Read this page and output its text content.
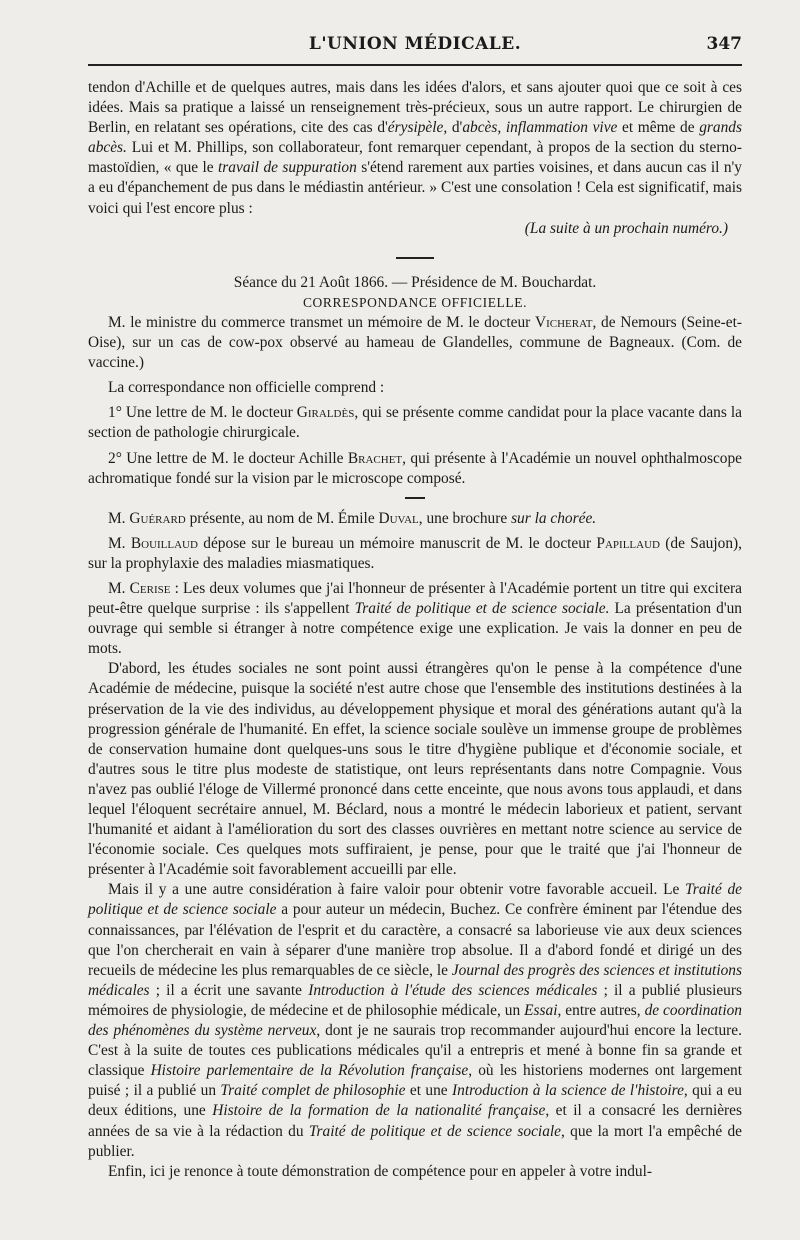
L'UNION MÉDICALE.	347

tendon d'Achille et de quelques autres, mais dans les idées d'alors, et sans ajouter quoi que ce soit à ces idées. Mais sa pratique a laissé un renseignement très-précieux, sous un autre rapport. Le chirurgien de Berlin, en relatant ses opérations, cite des cas d'érysipèle, d'abcès, inflammation vive et même de grands abcès. Lui et M. Phillips, son collaborateur, font remarquer cependant, à propos de la section du sterno-mastoïdien, « que le travail de suppuration s'étend rarement aux parties voisines, et dans aucun cas il n'y a eu d'épanchement de pus dans le médiastin antérieur. » C'est une consolation ! Cela est significatif, mais voici qui l'est encore plus :

(La suite à un prochain numéro.)

Séance du 21 Août 1866. — Présidence de M. Bouchardat.

CORRESPONDANCE OFFICIELLE.

M. le ministre du commerce transmet un mémoire de M. le docteur Vicherat, de Nemours (Seine-et-Oise), sur un cas de cow-pox observé au hameau de Glandelles, commune de Bagneaux. (Com. de vaccine.)

La correspondance non officielle comprend :

1° Une lettre de M. le docteur Giraldès, qui se présente comme candidat pour la place vacante dans la section de pathologie chirurgicale.

2° Une lettre de M. le docteur Achille Brachet, qui présente à l'Académie un nouvel ophthalmoscope achromatique fondé sur la vision par le microscope composé.

M. Guérard présente, au nom de M. Émile Duval, une brochure sur la chorée.

M. Bouillaud dépose sur le bureau un mémoire manuscrit de M. le docteur Papillaud (de Saujon), sur la prophylaxie des maladies miasmatiques.

M. Cerise : Les deux volumes que j'ai l'honneur de présenter à l'Académie portent un titre qui excitera peut-être quelque surprise : ils s'appellent Traité de politique et de science sociale. La présentation d'un ouvrage qui semble si étranger à notre compétence exige une explication. Je vais la donner en peu de mots.

D'abord, les études sociales ne sont point aussi étrangères qu'on le pense à la compétence d'une Académie de médecine, puisque la société n'est autre chose que l'ensemble des institutions destinées à la préservation de la vie des individus, au développement physique et moral des générations autant qu'à la progression générale de l'humanité. En effet, la science sociale soulève un immense groupe de problèmes de conservation humaine dont quelques-uns sous le titre d'hygiène publique et d'économie sociale, et d'autres sous le titre plus modeste de statistique, ont leurs représentants dans notre Compagnie. Vous n'avez pas oublié l'éloge de Villermé prononcé dans cette enceinte, que nous avons tous applaudi, et dans lequel l'éloquent secrétaire annuel, M. Béclard, nous a montré le médecin laborieux et patient, servant l'humanité et aidant à l'amélioration du sort des classes ouvrières en mettant notre science au service de l'économie sociale. Ces quelques mots suffiraient, je pense, pour que le traité que j'ai l'honneur de présenter à l'Académie soit favorablement accueilli par elle.

Mais il y a une autre considération à faire valoir pour obtenir votre favorable accueil. Le Traité de politique et de science sociale a pour auteur un médecin, Buchez. Ce confrère éminent par l'étendue des connaissances, par l'élévation de l'esprit et du caractère, a consacré sa laborieuse vie aux deux sciences que l'on chercherait en vain à séparer d'une manière trop absolue. Il a d'abord fondé et dirigé un des recueils de médecine les plus remarquables de ce siècle, le Journal des progrès des sciences et institutions médicales ; il a écrit une savante Introduction à l'étude des sciences médicales ; il a publié plusieurs mémoires de physiologie, de médecine et de philosophie médicale, un Essai, entre autres, de coordination des phénomènes du système nerveux, dont je ne saurais trop recommander aujourd'hui encore la lecture. C'est à la suite de toutes ces publications médicales qu'il a entrepris et mené à bonne fin sa grande et classique Histoire parlementaire de la Révolution française, où les historiens modernes ont largement puisé ; il a publié un Traité complet de philosophie et une Introduction à la science de l'histoire, qui a eu deux éditions, une Histoire de la formation de la nationalité française, et il a consacré les dernières années de sa vie à la rédaction du Traité de politique et de science sociale, que la mort l'a empêché de publier.

Enfin, ici je renonce à toute démonstration de compétence pour en appeler à votre indul-
